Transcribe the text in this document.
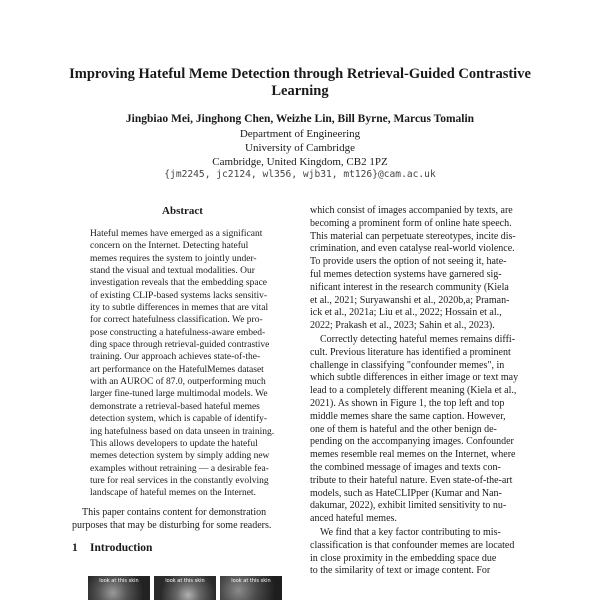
Improving Hateful Meme Detection through Retrieval-Guided Contrastive
Learning
Jingbiao Mei, Jinghong Chen, Weizhe Lin, Bill Byrne, Marcus Tomalin
Department of Engineering
University of Cambridge
Cambridge, United Kingdom, CB2 1PZ
{jm2245, jc2124, wl356, wjb31, mt126}@cam.ac.uk
Abstract
Hateful memes have emerged as a significant
concern on the Internet. Detecting hateful
memes requires the system to jointly under-
stand the visual and textual modalities. Our
investigation reveals that the embedding space
of existing CLIP-based systems lacks sensitiv-
ity to subtle differences in memes that are vital
for correct hatefulness classification. We pro-
pose constructing a hatefulness-aware embed-
ding space through retrieval-guided contrastive
training. Our approach achieves state-of-the-
art performance on the HatefulMemes dataset
with an AUROC of 87.0, outperforming much
larger fine-tuned large multimodal models. We
demonstrate a retrieval-based hateful memes
detection system, which is capable of identify-
ing hatefulness based on data unseen in training.
This allows developers to update the hateful
memes detection system by simply adding new
examples without retraining — a desirable fea-
ture for real services in the constantly evolving
landscape of hateful memes on the Internet.
This paper contains content for demonstration purposes that may be disturbing for some readers.
1 Introduction
look at this skin	look at this skin	look at this skin

which consist of images accompanied by texts, are
becoming a prominent form of online hate speech.
This material can perpetuate stereotypes, incite dis-
crimination, and even catalyse real-world violence.
To provide users the option of not seeing it, hate-
ful memes detection systems have garnered sig-
nificant interest in the research community (Kiela
et al., 2021; Suryawanshi et al., 2020b,a; Praman-
ick et al., 2021a; Liu et al., 2022; Hossain et al.,
2022; Prakash et al., 2023; Sahin et al., 2023).

Correctly detecting hateful memes remains diffi-
cult. Previous literature has identified a prominent
challenge in classifying "confounder memes", in
which subtle differences in either image or text may
lead to a completely different meaning (Kiela et al.,
2021). As shown in Figure 1, the top left and top
middle memes share the same caption. However,
one of them is hateful and the other benign de-
pending on the accompanying images. Confounder
memes resemble real memes on the Internet, where
the combined message of images and texts con-
tribute to their hateful nature. Even state-of-the-art
models, such as HateCLIPper (Kumar and Nan-
dakumar, 2022), exhibit limited sensitivity to nu-
anced hateful memes.

We find that a key factor contributing to mis-
classification is that confounder memes are located
in close proximity in the embedding space due
to the similarity of text or image content. For
